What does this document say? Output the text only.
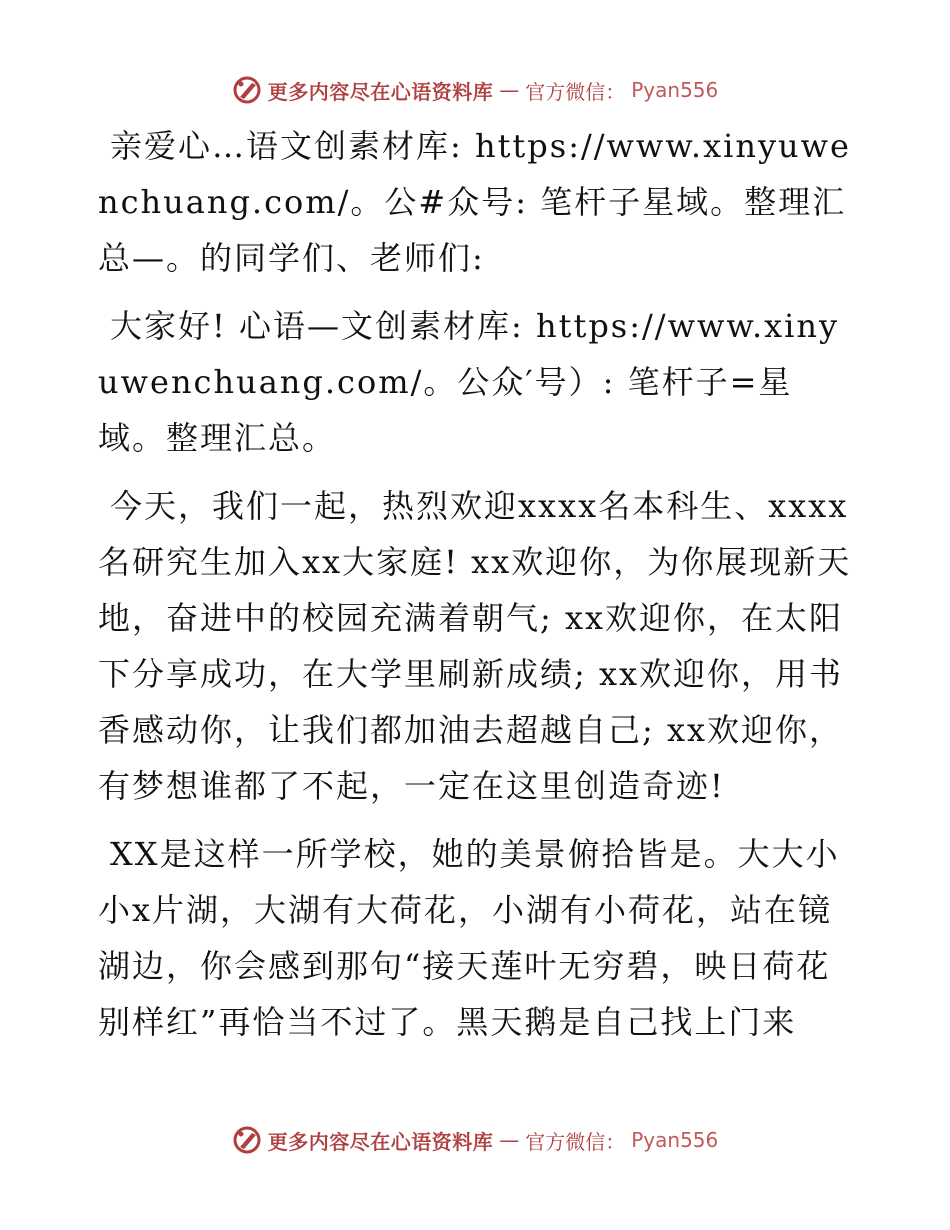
更多内容尽在心语资料库 — 官方微信： Pyan556

亲爱心…语文创素材库: https://www.xinyuwenchuang.com/。公#众号: 笔杆子星域。整理汇总—。的同学们、老师们:

大家好! 心语—文创素材库: https://www.xinyuwenchuang.com/。公众′号）: 笔杆子=星域。整理汇总。

今天，我们一起，热烈欢迎xxxx名本科生、xxxx名研究生加入xx大家庭! xx欢迎你，为你展现新天地，奋进中的校园充满着朝气; xx欢迎你，在太阳下分享成功，在大学里刷新成绩; xx欢迎你，用书香感动你，让我们都加油去超越自己; xx欢迎你，有梦想谁都了不起，一定在这里创造奇迹!

XX是这样一所学校，她的美景俯拾皆是。大大小小x片湖，大湖有大荷花，小湖有小荷花，站在镜湖边，你会感到那句“接天莲叶无穷碧，映日荷花别样红”再恰当不过了。黑天鹅是自己找上门来

更多内容尽在心语资料库 — 官方微信： Pyan556
